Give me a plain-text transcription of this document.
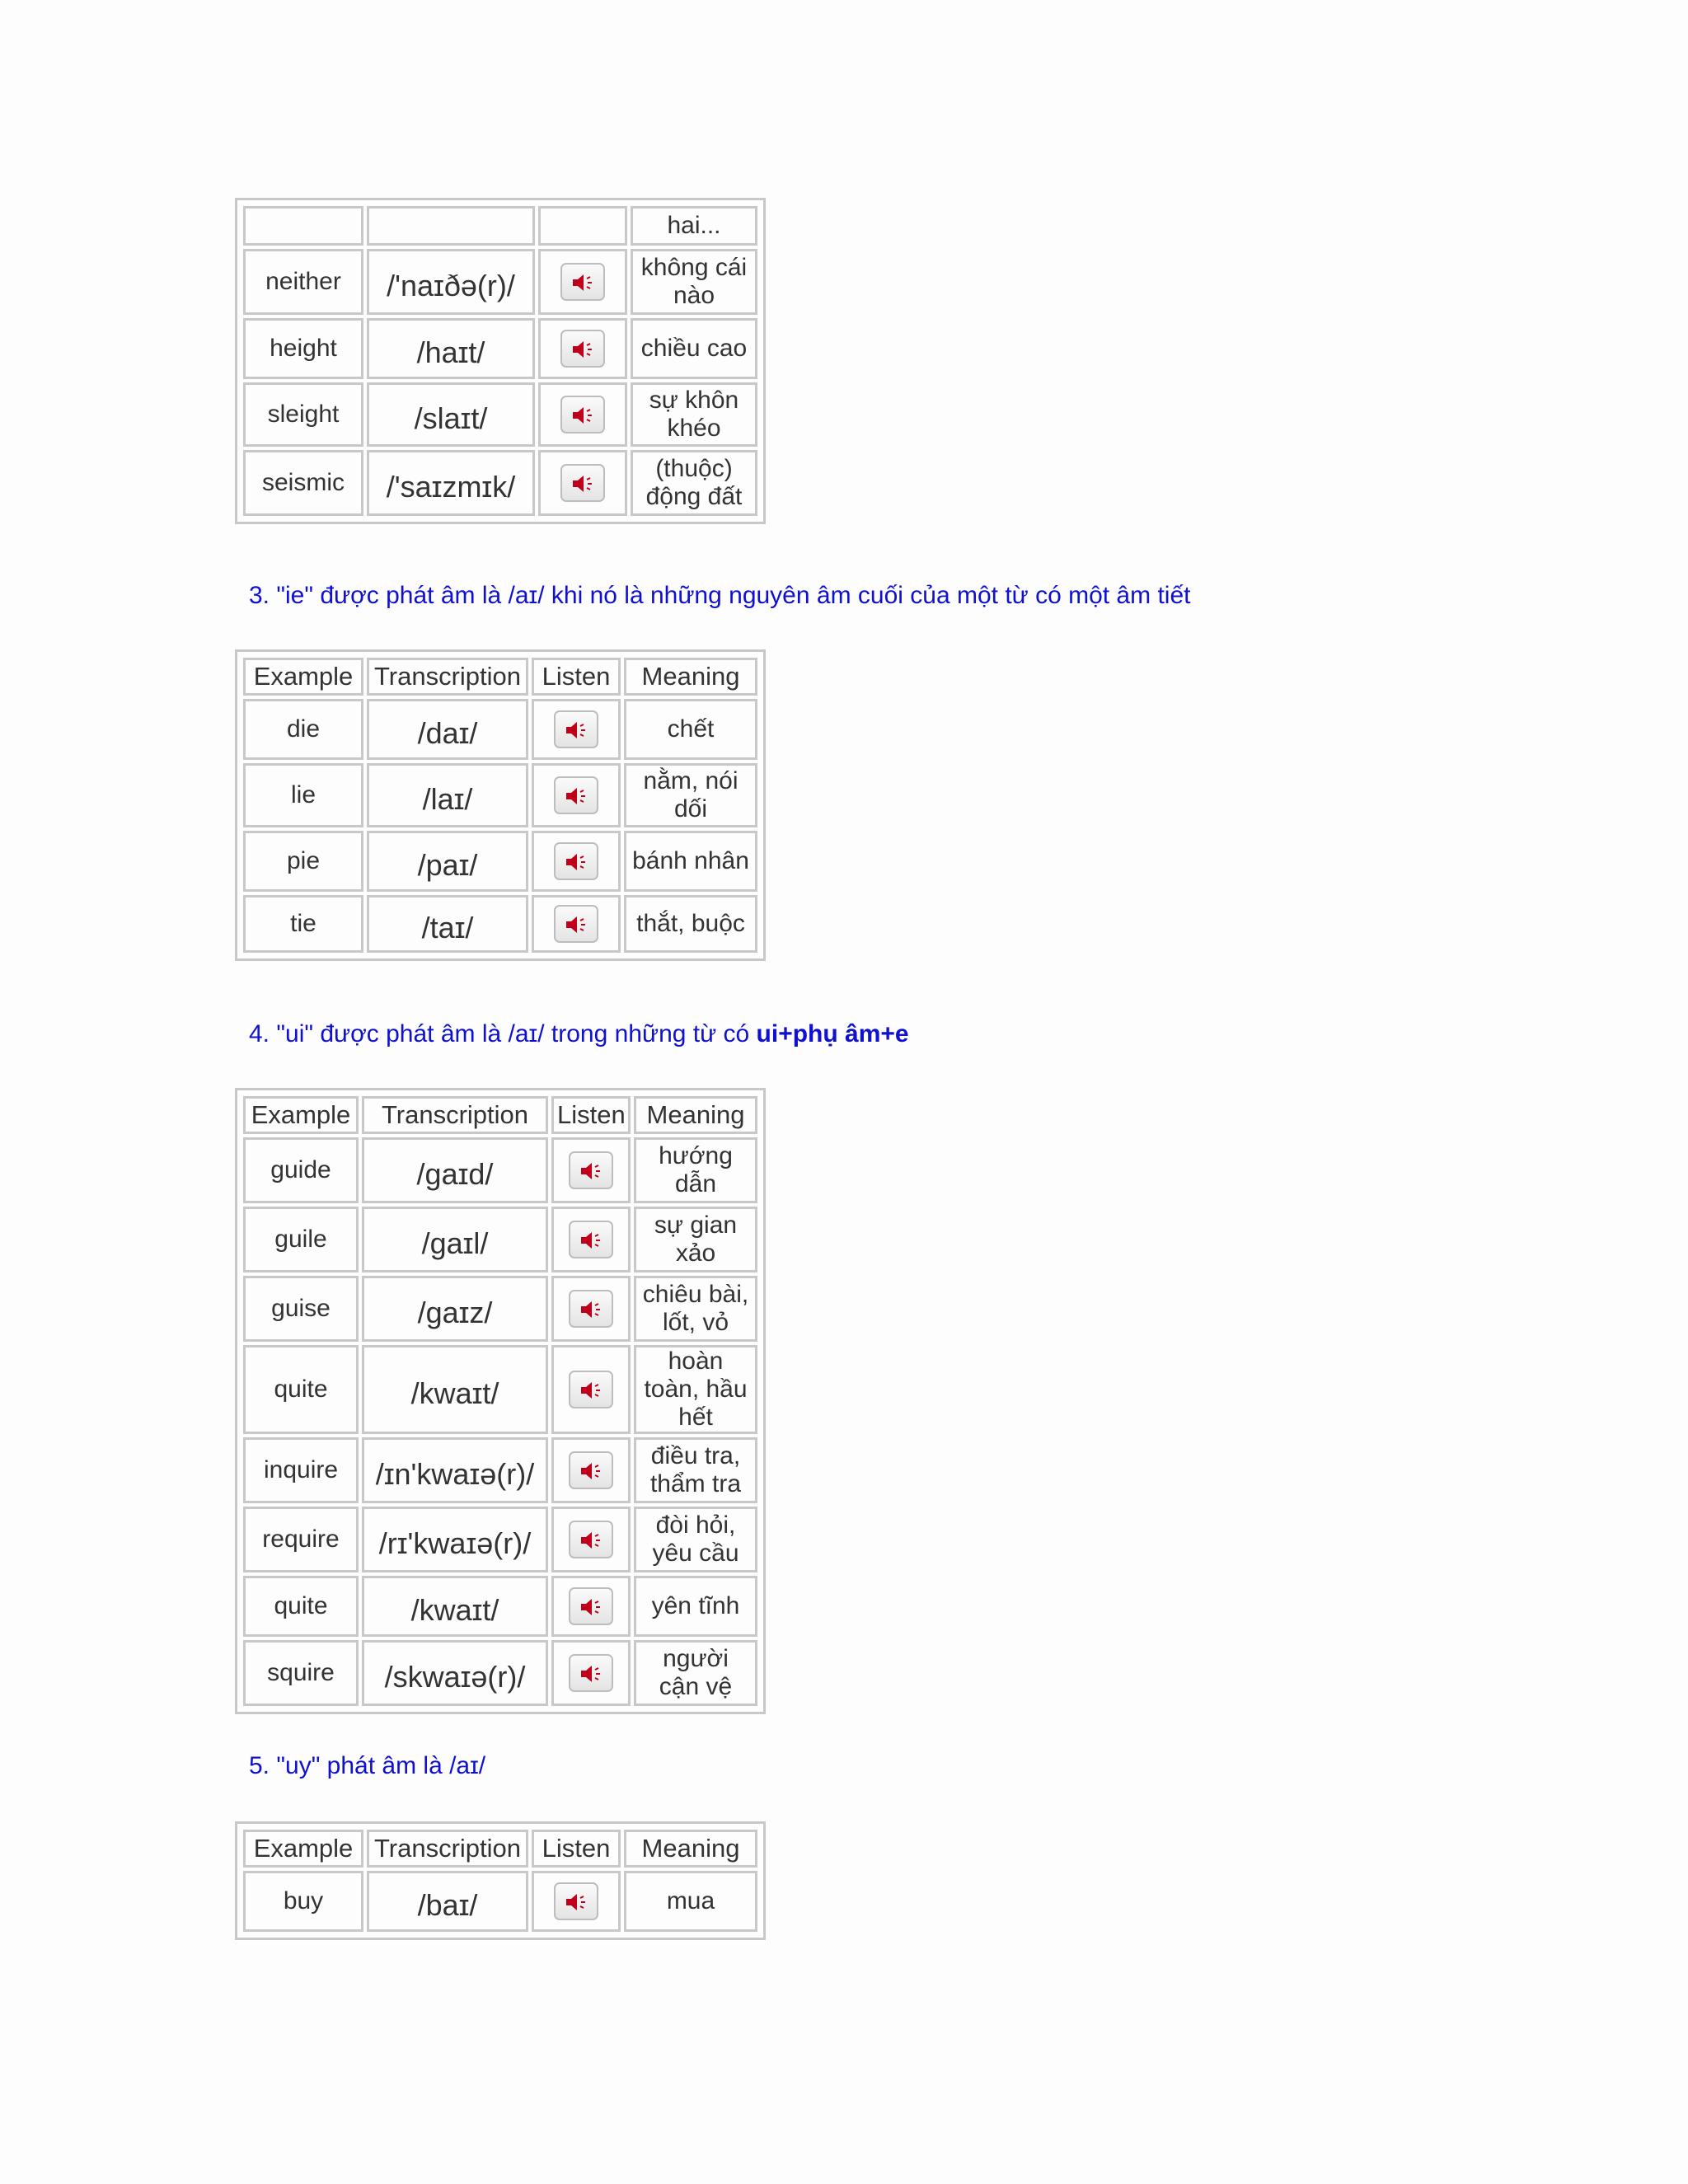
			hai...
neither	/'naɪðə(r)/		không cái nào
height	/haɪt/		chiều cao
sleight	/slaɪt/		sự khôn khéo
seismic	/'saɪzmɪk/		(thuộc) động đất
3. "ie" được phát âm là /aɪ/ khi nó là những nguyên âm cuối của một từ có một âm tiết
Example	Transcription	Listen	Meaning
die	/daɪ/		chết
lie	/laɪ/		nằm, nói dối
pie	/paɪ/		bánh nhân
tie	/taɪ/		thắt, buộc
4. "ui" được phát âm là /aɪ/ trong những từ có ui+phụ âm+e
Example	Transcription	Listen	Meaning
guide	/gaɪd/		hướng dẫn
guile	/gaɪl/		sự gian xảo
guise	/gaɪz/		chiêu bài, lốt, vỏ
quite	/kwaɪt/		hoàn toàn, hầu hết
inquire	/ɪn'kwaɪə(r)/		điều tra, thẩm tra
require	/rɪ'kwaɪə(r)/		đòi hỏi, yêu cầu
quite	/kwaɪt/		yên tĩnh
squire	/skwaɪə(r)/		người cận vệ
5. "uy" phát âm là /aɪ/
Example	Transcription	Listen	Meaning
buy	/baɪ/		mua
